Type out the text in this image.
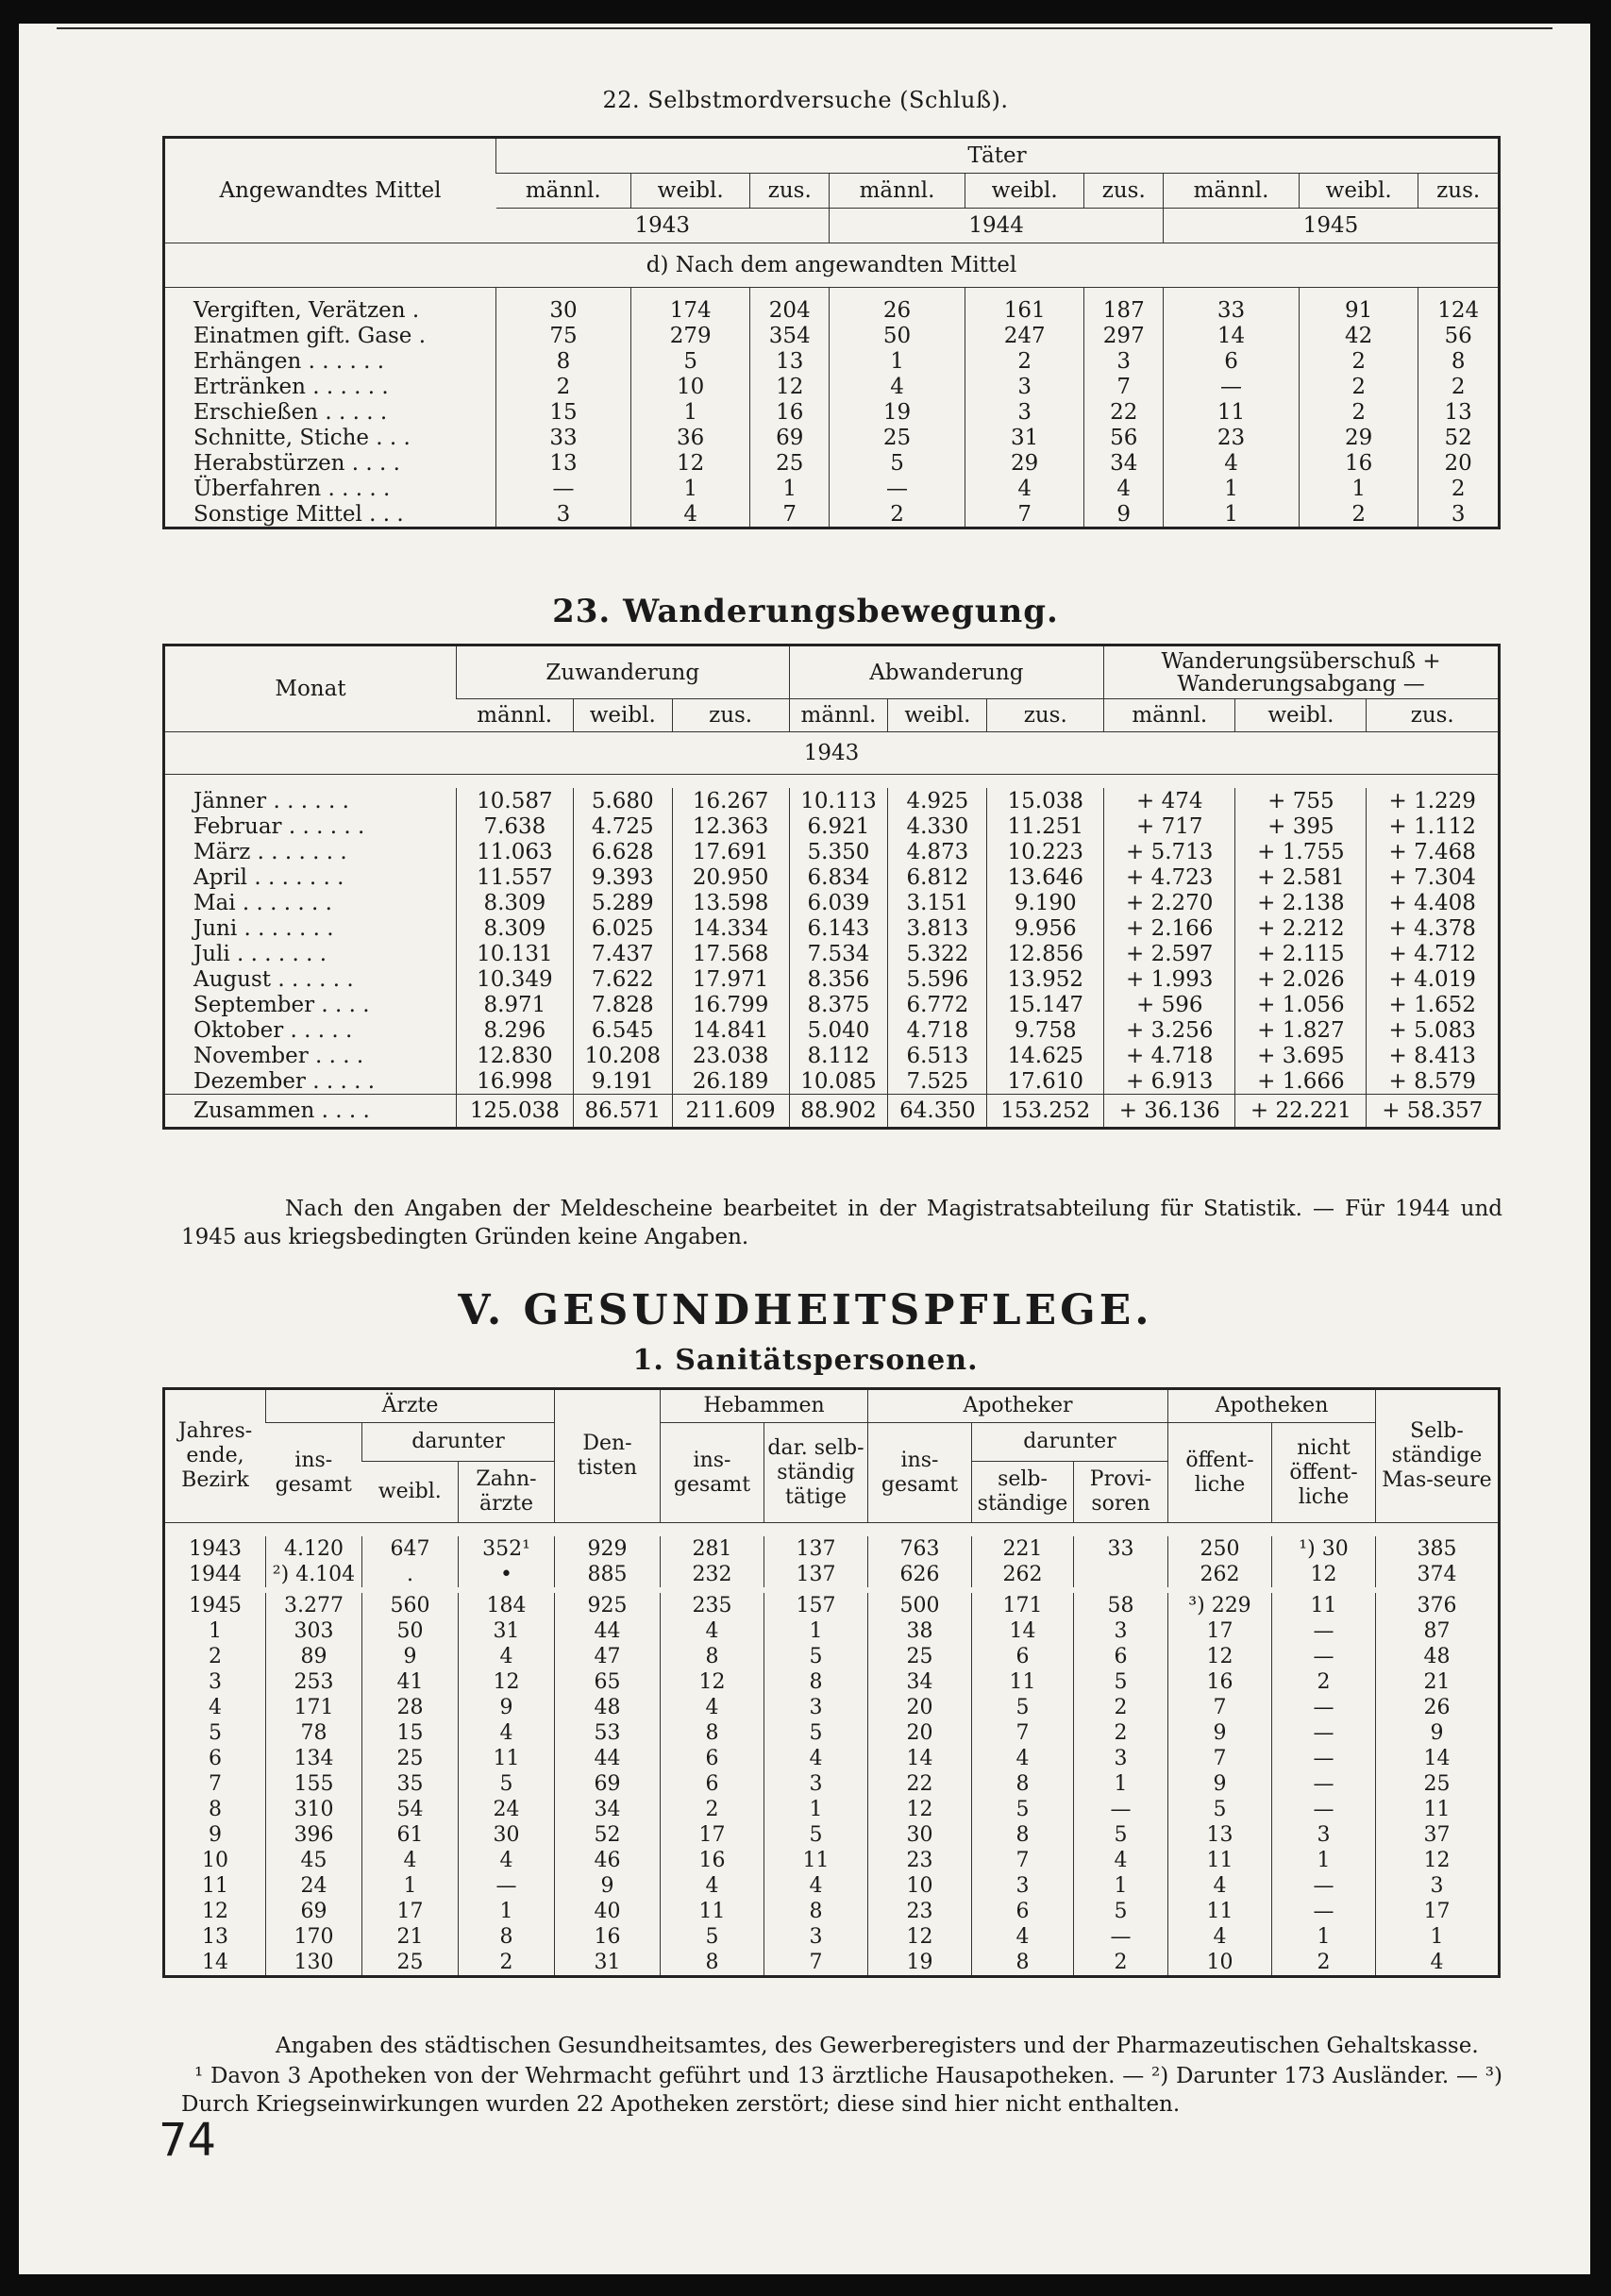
22. Selbstmordversuche (Schluß).
Angewandtes Mittel	Täter								
	männl.	weibl.	zus.	männl.	weibl.	zus.	männl.	weibl.	zus.
	1943			1944			1945		
d) Nach dem angewandten Mittel									
Vergiften, Verätzen .	30	174	204	26	161	187	33	91	124
Einatmen gift. Gase .	75	279	354	50	247	297	14	42	56
Erhängen . . . . . .	8	5	13	1	2	3	6	2	8
Ertränken . . . . . .	2	10	12	4	3	7	—	2	2
Erschießen . . . . .	15	1	16	19	3	22	11	2	13
Schnitte, Stiche . . .	33	36	69	25	31	56	23	29	52
Herabstürzen . . . .	13	12	25	5	29	34	4	16	20
Überfahren . . . . .	—	1	1	—	4	4	1	1	2
Sonstige Mittel . . .	3	4	7	2	7	9	1	2	3
23. Wanderungsbewegung.
Monat	Zuwanderung			Abwanderung			Wanderungsüberschuß +
Wanderungsabgang —		
	männl.	weibl.	zus.	männl.	weibl.	zus.	männl.	weibl.	zus.
1943									

Jänner . . . . . .	10.587	5.680	16.267	10.113	4.925	15.038	+ 474	+ 755	+ 1.229
Februar . . . . . .	7.638	4.725	12.363	6.921	4.330	11.251	+ 717	+ 395	+ 1.112
März . . . . . . .	11.063	6.628	17.691	5.350	4.873	10.223	+ 5.713	+ 1.755	+ 7.468
April . . . . . . .	11.557	9.393	20.950	6.834	6.812	13.646	+ 4.723	+ 2.581	+ 7.304
Mai . . . . . . .	8.309	5.289	13.598	6.039	3.151	9.190	+ 2.270	+ 2.138	+ 4.408
Juni . . . . . . .	8.309	6.025	14.334	6.143	3.813	9.956	+ 2.166	+ 2.212	+ 4.378
Juli . . . . . . .	10.131	7.437	17.568	7.534	5.322	12.856	+ 2.597	+ 2.115	+ 4.712
August . . . . . .	10.349	7.622	17.971	8.356	5.596	13.952	+ 1.993	+ 2.026	+ 4.019
September . . . .	8.971	7.828	16.799	8.375	6.772	15.147	+ 596	+ 1.056	+ 1.652
Oktober . . . . .	8.296	6.545	14.841	5.040	4.718	9.758	+ 3.256	+ 1.827	+ 5.083
November . . . .	12.830	10.208	23.038	8.112	6.513	14.625	+ 4.718	+ 3.695	+ 8.413
Dezember . . . . .	16.998	9.191	26.189	10.085	7.525	17.610	+ 6.913	+ 1.666	+ 8.579
Zusammen . . . .	125.038	86.571	211.609	88.902	64.350	153.252	+ 36.136	+ 22.221	+ 58.357
Nach den Angaben der Meldescheine bearbeitet in der Magistratsabteilung für Statistik. — Für 1944 und 1945 aus kriegsbedingten Gründen keine Angaben.
V. GESUNDHEITSPFLEGE.
1. Sanitätspersonen.
Jahres-ende, Bezirk	Ärzte			Den-tisten	Hebammen		Apotheker			Apotheken		Selb-ständige Mas-seure
	ins-gesamt	darunter			ins-gesamt	dar. selb-ständig tätige	ins-gesamt	darunter		öffent-liche	nicht öffent-liche	
		weibl.	Zahn-ärzte					selb-ständige	Provi-soren			

1943	4.120	647	352¹	929	281	137	763	221	33	250	¹) 30	385
1944	²) 4.104	.	•	885	232	137	626	262		262	12	374

1945	3.277	560	184	925	235	157	500	171	58	³) 229	11	376
1	303	50	31	44	4	1	38	14	3	17	—	87
2	89	9	4	47	8	5	25	6	6	12	—	48
3	253	41	12	65	12	8	34	11	5	16	2	21
4	171	28	9	48	4	3	20	5	2	7	—	26
5	78	15	4	53	8	5	20	7	2	9	—	9
6	134	25	11	44	6	4	14	4	3	7	—	14
7	155	35	5	69	6	3	22	8	1	9	—	25
8	310	54	24	34	2	1	12	5	—	5	—	11
9	396	61	30	52	17	5	30	8	5	13	3	37
10	45	4	4	46	16	11	23	7	4	11	1	12
11	24	1	—	9	4	4	10	3	1	4	—	3
12	69	17	1	40	11	8	23	6	5	11	—	17
13	170	21	8	16	5	3	12	4	—	4	1	1
14	130	25	2	31	8	7	19	8	2	10	2	4
Angaben des städtischen Gesundheitsamtes, des Gewerberegisters und der Pharmazeutischen Gehaltskasse.
¹ Davon 3 Apotheken von der Wehrmacht geführt und 13 ärztliche Hausapotheken. — ²) Darunter 173 Ausländer. — ³) Durch Kriegseinwirkungen wurden 22 Apotheken zerstört; diese sind hier nicht enthalten.
74
